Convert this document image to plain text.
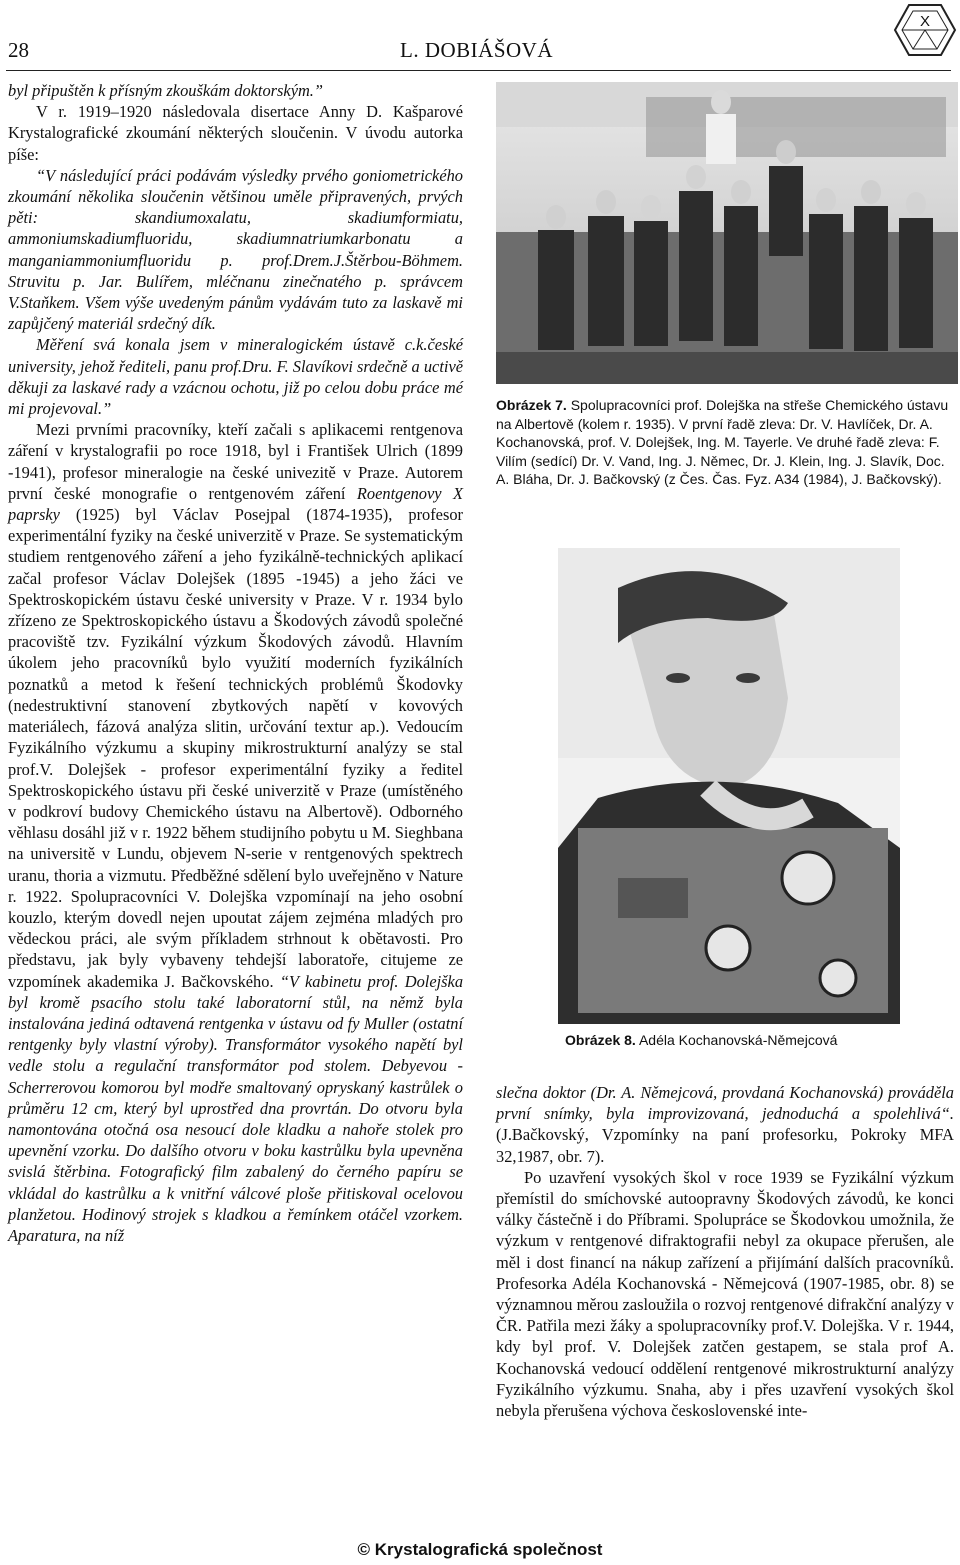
28	L. DOBIÁŠOVÁ
X

byl připuštěn k přísným zkouškám doktorským.”

V r. 1919–1920 následovala disertace Anny D. Kašparové Krystalografické zkoumání některých sloučenin. V úvodu autorka píše:

“V následující práci podávám výsledky prvého goniometrického zkoumání několika sloučenin většinou uměle připravených, prvých pěti: skandiumoxalatu, skadiumformiatu, ammoniumskadiumfluoridu, skadiumnatriumkarbonatu a manganiammoniumfluoridu p. prof.Drem.J.Štěrbou-Böhmem. Struvitu p. Jar. Bulířem, mléčnanu zinečnatého p. správcem V.Staňkem. Všem výše uvedeným pánům vydávám tuto za laskavě mi zapůjčený materiál srdečný dík.

Měření svá konala jsem v mineralogickém ústavě c.k.české university, jehož řediteli, panu prof.Dru. F. Slavíkovi srdečně a uctivě děkuji za laskavé rady a vzácnou ochotu, již po celou dobu práce mé mi projevoval.”

Mezi prvními pracovníky, kteří začali s aplikacemi rentgenova záření v krystalografii po roce 1918, byl i František Ulrich (1899 -1941), profesor mineralogie na české univezitě v Praze. Autorem první české monografie o rentgenovém záření Roentgenovy X paprsky (1925) byl Václav Posejpal (1874-1935), profesor experimentální fyziky na české univerzitě v Praze. Se systematickým studiem rentgenového záření a jeho fyzikálně-technických aplikací začal profesor Václav Dolejšek (1895 -1945) a jeho žáci ve Spektroskopickém ústavu české university v Praze. V r. 1934 bylo zřízeno ze Spektroskopického ústavu a Škodových závodů společné pracoviště tzv. Fyzikální výzkum Škodových závodů. Hlavním úkolem jeho pracovníků bylo využití moderních fyzikálních poznatků a metod k řešení technických problémů Škodovky (nedestruktivní stanovení zbytkových napětí v kovových materiálech, fázová analýza slitin, určování textur ap.). Vedoucím Fyzikálního výzkumu a skupiny mikrostrukturní analýzy se stal prof.V. Dolejšek - profesor experimentální fyziky a ředitel Spektroskopického ústavu při české univerzitě v Praze (umístěného v podkroví budovy Chemického ústavu na Albertově). Odborného věhlasu dosáhl již v r. 1922 během studijního pobytu u M. Sieghbana na universitě v Lundu, objevem N-serie v rentgenových spektrech uranu, thoria a vizmutu. Předběžné sdělení bylo uveřejněno v Nature r. 1922. Spolupracovníci V. Dolejška vzpomínají na jeho osobní kouzlo, kterým dovedl nejen upoutat zájem zejména mladých pro vědeckou práci, ale svým příkladem strhnout k obětavosti. Pro představu, jak byly vybaveny tehdejší laboratoře, citujeme ze vzpomínek akademika J. Bačkovského. “V kabinetu prof. Dolejška byl kromě psacího stolu také laboratorní stůl, na němž byla instalována jediná odtavená rentgenka v ústavu od fy Muller (ostatní rentgenky byly vlastní výroby). Transformátor vysokého napětí byl vedle stolu a regulační transformátor pod stolem. Debyevou - Scherrerovou komorou byl modře smaltovaný opryskaný kastrůlek o průměru 12 cm, který byl uprostřed dna provrtán. Do otvoru byla namontována otočná osa nesoucí dole kladku a nahoře stolek pro upevnění vzorku. Do dalšího otvoru v boku kastrůlku byla upevněna svislá štěrbina. Fotografický film zabalený do černého papíru se vkládal do kastrůlku a k vnitřní válcové ploše přitiskoval ocelovou planžetou. Hodinový strojek s kladkou a řemínkem otáčel vzorkem. Aparatura, na níž

Obrázek 7. Spolupracovníci prof. Dolejška na střeše Chemického ústavu na Albertově (kolem r. 1935). V první řadě zleva: Dr. V. Havlíček, Dr. A. Kochanovská, prof. V. Dolejšek, Ing. M. Tayerle. Ve druhé řadě zleva: F. Vilím (sedící) Dr. V. Vand, Ing. J. Němec, Dr. J. Klein, Ing. J. Slavík, Doc. A. Bláha, Dr. J. Bačkovský (z Čes. Čas. Fyz. A34 (1984), J. Bačkovský).
Obrázek 8. Adéla Kochanovská-Němejcová

slečna doktor (Dr. A. Němejcová, provdaná Kochanovská) prováděla první snímky, byla improvizovaná, jednoduchá a spolehlivá“. (J.Bačkovský, Vzpomínky na paní profesorku, Pokroky MFA 32,1987, obr. 7).

Po uzavření vysokých škol v roce 1939 se Fyzikální výzkum přemístil do smíchovské autoopravny Škodových závodů, ke konci války částečně i do Příbrami. Spolupráce se Škodovkou umožnila, že výzkum v rentgenové difraktografii nebyl za okupace přerušen, ale měl i dost financí na nákup zařízení a přijímání dalších pracovníků. Profesorka Adéla Kochanovská - Němejcová (1907-1985, obr. 8) se významnou měrou zasloužila o rozvoj rentgenové difrakční analýzy v ČR. Patřila mezi žáky a spolupracovníky prof.V. Dolejška. V r. 1944, kdy byl prof. V. Dolejšek zatčen gestapem, se stala prof A. Kochanovská vedoucí oddělení rentgenové mikrostrukturní analýzy Fyzikálního výzkumu. Snaha, aby i přes uzavření vysokých škol nebyla přerušena výchova československé inte-

© Krystalografická společnost
